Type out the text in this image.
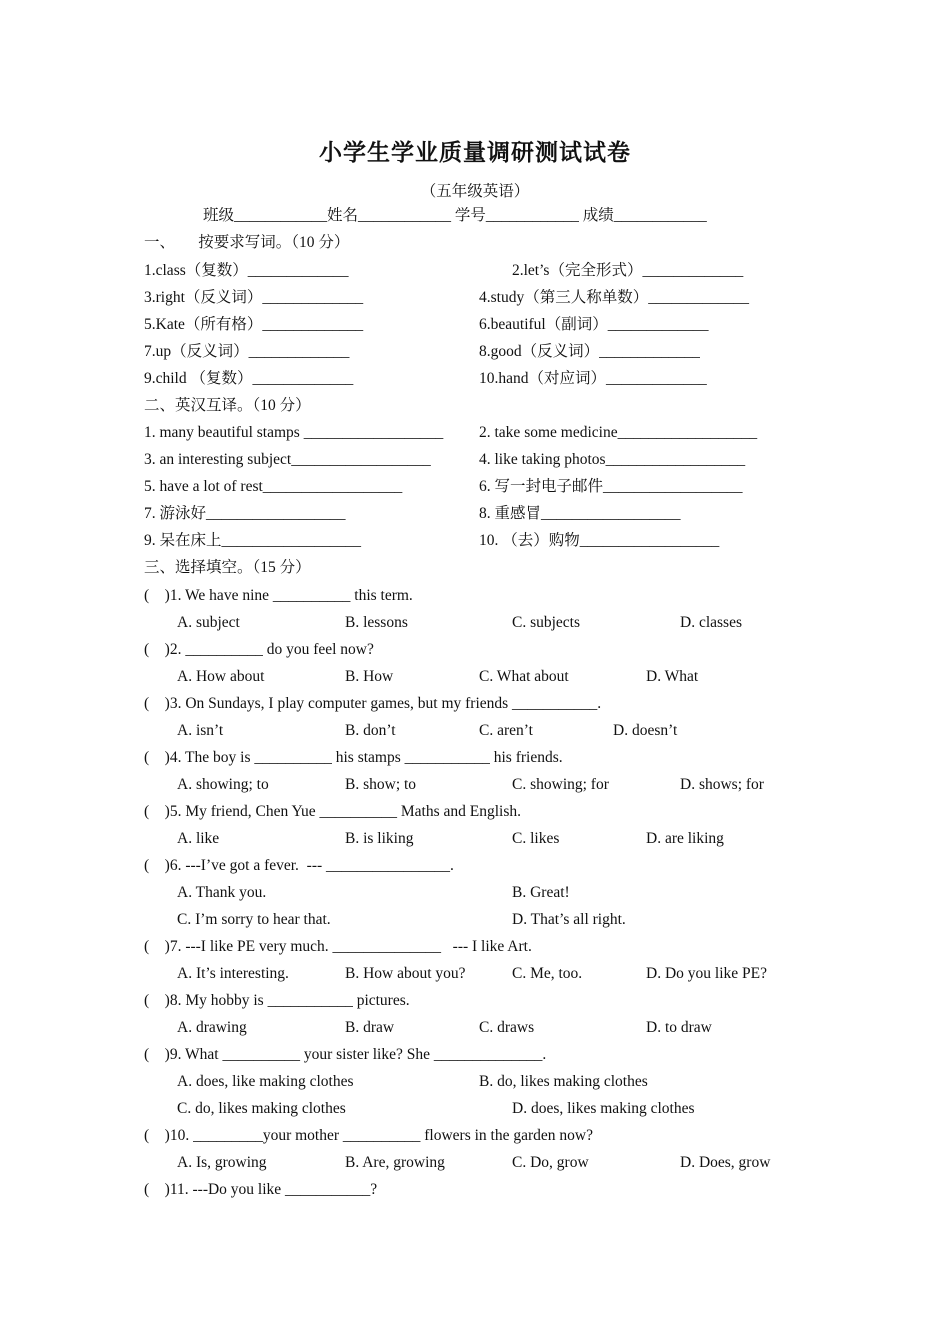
小学生学业质量调研测试试卷
（五年级英语）
班级____________姓名____________ 学号____________ 成绩____________
一、      按要求写词。（10 分）
1.class（复数）_____________	2.let’s（完全形式）_____________
3.right（反义词）_____________	4.study（第三人称单数）_____________
5.Kate（所有格）_____________	6.beautiful（副词）_____________
7.up（反义词）_____________	8.good（反义词）_____________
9.child （复数）_____________	10.hand（对应词）_____________
二、英汉互译。（10 分）
1. many beautiful stamps __________________ 2. take some medicine__________________
3. an interesting subject__________________	4. like taking photos__________________
5. have a lot of rest__________________	6. 写一封电子邮件__________________
7. 游泳好__________________	8. 重感冒__________________
9. 呆在床上__________________	10. （去）购物__________________
三、选择填空。（15 分）
(    )1. We have nine __________ this term.
A. subject	B. lessons	C. subjects	D. classes
(    )2. __________ do you feel now?
A. How about	B. How	C. What about	D. What
(    )3. On Sundays, I play computer games, but my friends ___________.
A. isn’t	B. don’t	C. aren’t	D. doesn’t
(    )4. The boy is __________ his stamps ___________ his friends.
A. showing; to	B. show; to	C. showing; for	D. shows; for
(    )5. My friend, Chen Yue __________ Maths and English.
A. like	B. is liking	C. likes	D. are liking
(    )6. ---I’ve got a fever.  --- ________________.
A. Thank you.	B. Great!
C. I’m sorry to hear that.	D. That’s all right.
(    )7. ---I like PE very much. ______________   --- I like Art.
A. It’s interesting.	B. How about you?	C. Me, too.	D. Do you like PE?
(    )8. My hobby is ___________ pictures.
A. drawing	B. draw	C. draws	D. to draw
(    )9. What __________ your sister like? She ______________.
A. does, like making clothes	B. do, likes making clothes
C. do, likes making clothes	D. does, likes making clothes
(    )10. _________your mother __________ flowers in the garden now?
A. Is, growing	B. Are, growing	C. Do, grow	D. Does, grow
(    )11. ---Do you like ___________?
